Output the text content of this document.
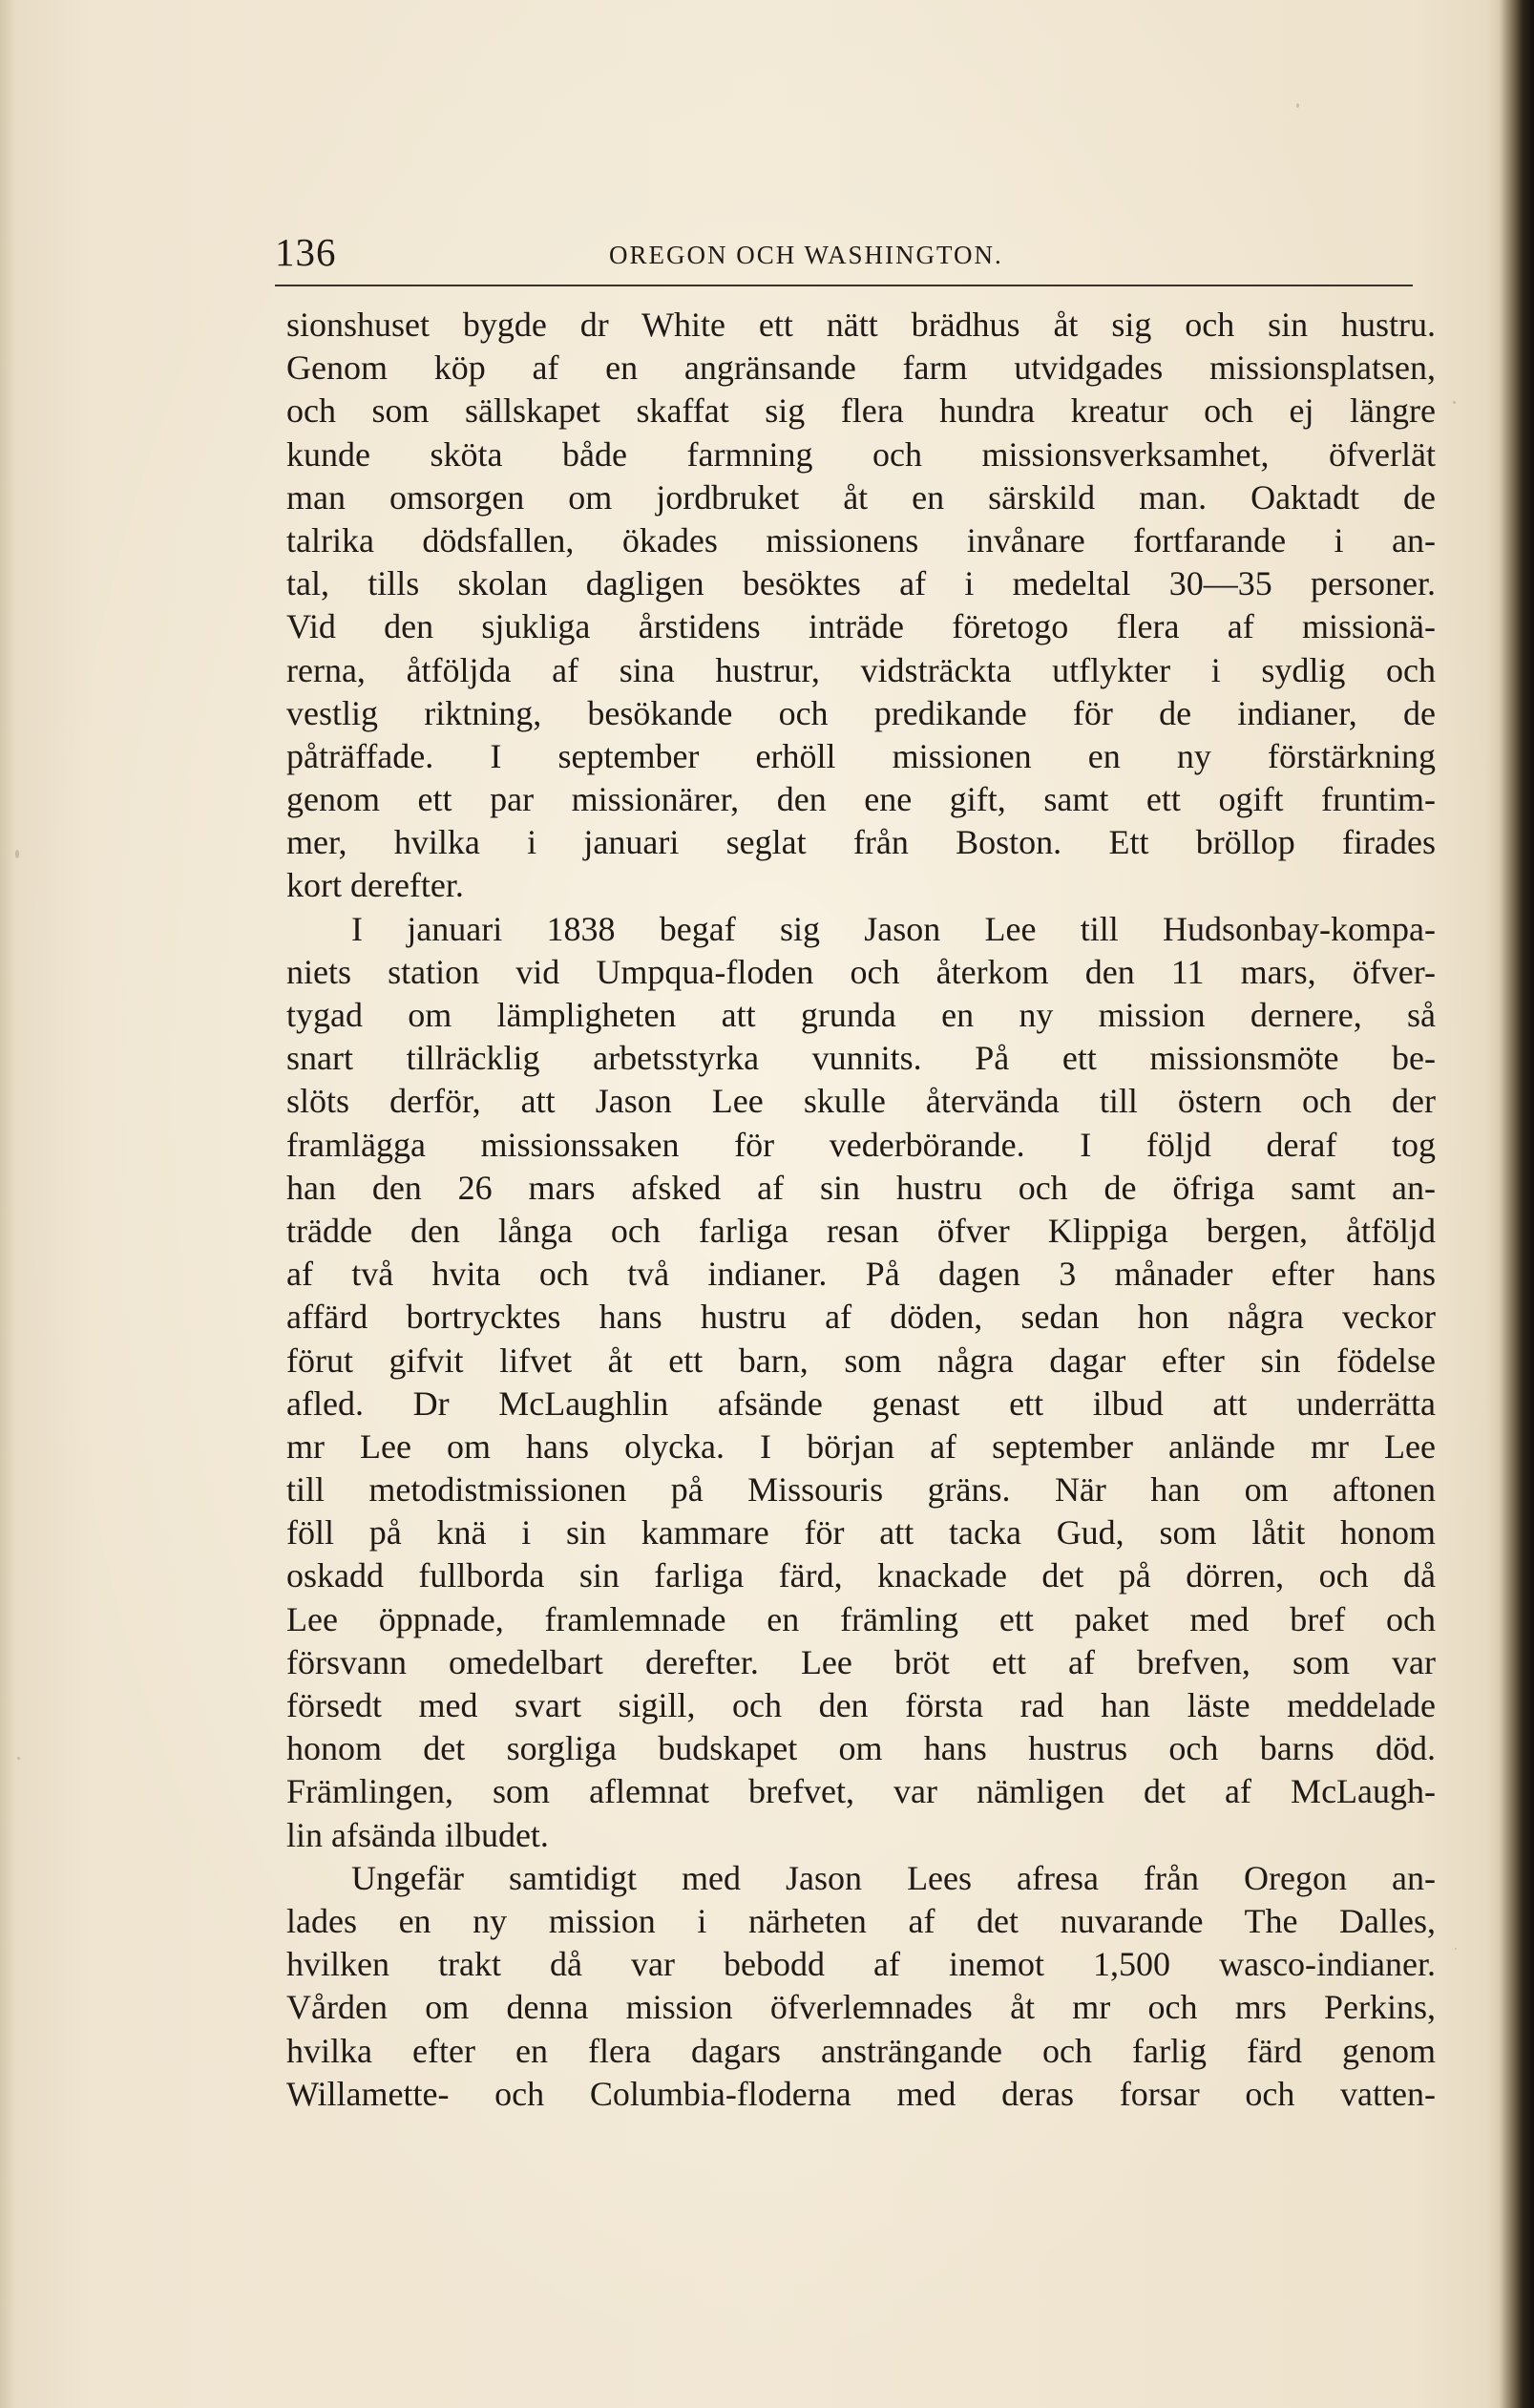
136	OREGON OCH WASHINGTON.
sionshuset bygde dr White ett nätt brädhus åt sig och sin hustru.
Genom köp af en angränsande farm utvidgades missionsplatsen,
och som sällskapet skaffat sig flera hundra kreatur och ej längre
kunde sköta både farmning och missionsverksamhet, öfverlät
man omsorgen om jordbruket åt en särskild man. Oaktadt de
talrika dödsfallen, ökades missionens invånare fortfarande i an-
tal, tills skolan dagligen besöktes af i medeltal 30—35 personer.
Vid den sjukliga årstidens inträde företogo flera af missionä-
rerna, åtföljda af sina hustrur, vidsträckta utflykter i sydlig och
vestlig riktning, besökande och predikande för de indianer, de
påträffade. I september erhöll missionen en ny förstärkning
genom ett par missionärer, den ene gift, samt ett ogift fruntim-
mer, hvilka i januari seglat från Boston. Ett bröllop firades
kort derefter.
I januari 1838 begaf sig Jason Lee till Hudsonbay-kompa-
niets station vid Umpqua-floden och återkom den 11 mars, öfver-
tygad om lämpligheten att grunda en ny mission dernere, så
snart tillräcklig arbetsstyrka vunnits. På ett missionsmöte be-
slöts derför, att Jason Lee skulle återvända till östern och der
framlägga missionssaken för vederbörande. I följd deraf tog
han den 26 mars afsked af sin hustru och de öfriga samt an-
trädde den långa och farliga resan öfver Klippiga bergen, åtföljd
af två hvita och två indianer. På dagen 3 månader efter hans
affärd bortrycktes hans hustru af döden, sedan hon några veckor
förut gifvit lifvet åt ett barn, som några dagar efter sin födelse
afled. Dr McLaughlin afsände genast ett ilbud att underrätta
mr Lee om hans olycka. I början af september anlände mr Lee
till metodistmissionen på Missouris gräns. När han om aftonen
föll på knä i sin kammare för att tacka Gud, som låtit honom
oskadd fullborda sin farliga färd, knackade det på dörren, och då
Lee öppnade, framlemnade en främling ett paket med bref och
försvann omedelbart derefter. Lee bröt ett af brefven, som var
försedt med svart sigill, och den första rad han läste meddelade
honom det sorgliga budskapet om hans hustrus och barns död.
Främlingen, som aflemnat brefvet, var nämligen det af McLaugh-
lin afsända ilbudet.
Ungefär samtidigt med Jason Lees afresa från Oregon an-
lades en ny mission i närheten af det nuvarande The Dalles,
hvilken trakt då var bebodd af inemot 1,500 wasco-indianer.
Vården om denna mission öfverlemnades åt mr och mrs Perkins,
hvilka efter en flera dagars ansträngande och farlig färd genom
Willamette- och Columbia-floderna med deras forsar och vatten-
